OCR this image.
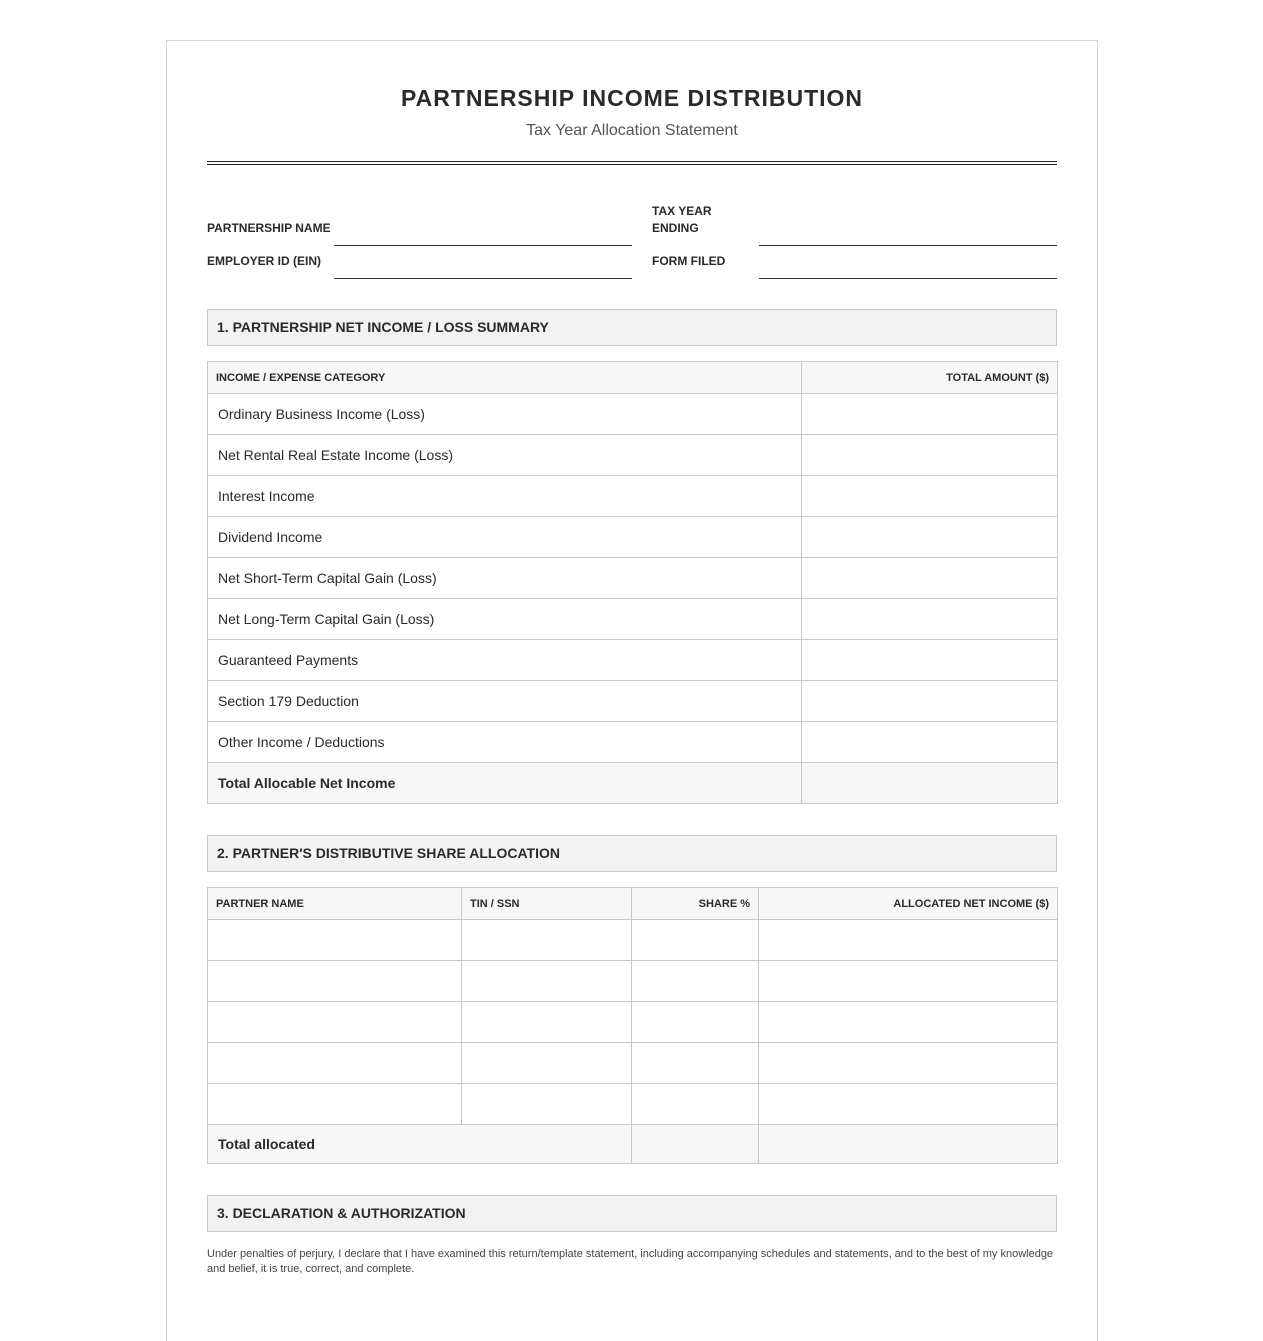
PARTNERSHIP INCOME DISTRIBUTION
Tax Year Allocation Statement
PARTNERSHIP NAME
TAX YEAR
ENDING
EMPLOYER ID (EIN)	FORM FILED
1. PARTNERSHIP NET INCOME / LOSS SUMMARY
INCOME / EXPENSE CATEGORY	TOTAL AMOUNT ($)
Ordinary Business Income (Loss)	
Net Rental Real Estate Income (Loss)	
Interest Income	
Dividend Income	
Net Short-Term Capital Gain (Loss)	
Net Long-Term Capital Gain (Loss)	
Guaranteed Payments	
Section 179 Deduction	
Other Income / Deductions	
Total Allocable Net Income	
2. PARTNER'S DISTRIBUTIVE SHARE ALLOCATION
PARTNER NAME	TIN / SSN	SHARE %	ALLOCATED NET INCOME ($)

Total allocated			
3. DECLARATION & AUTHORIZATION
Under penalties of perjury, I declare that I have examined this return/template statement, including accompanying schedules and statements, and to the best of my knowledge and belief, it is true, correct, and complete.
